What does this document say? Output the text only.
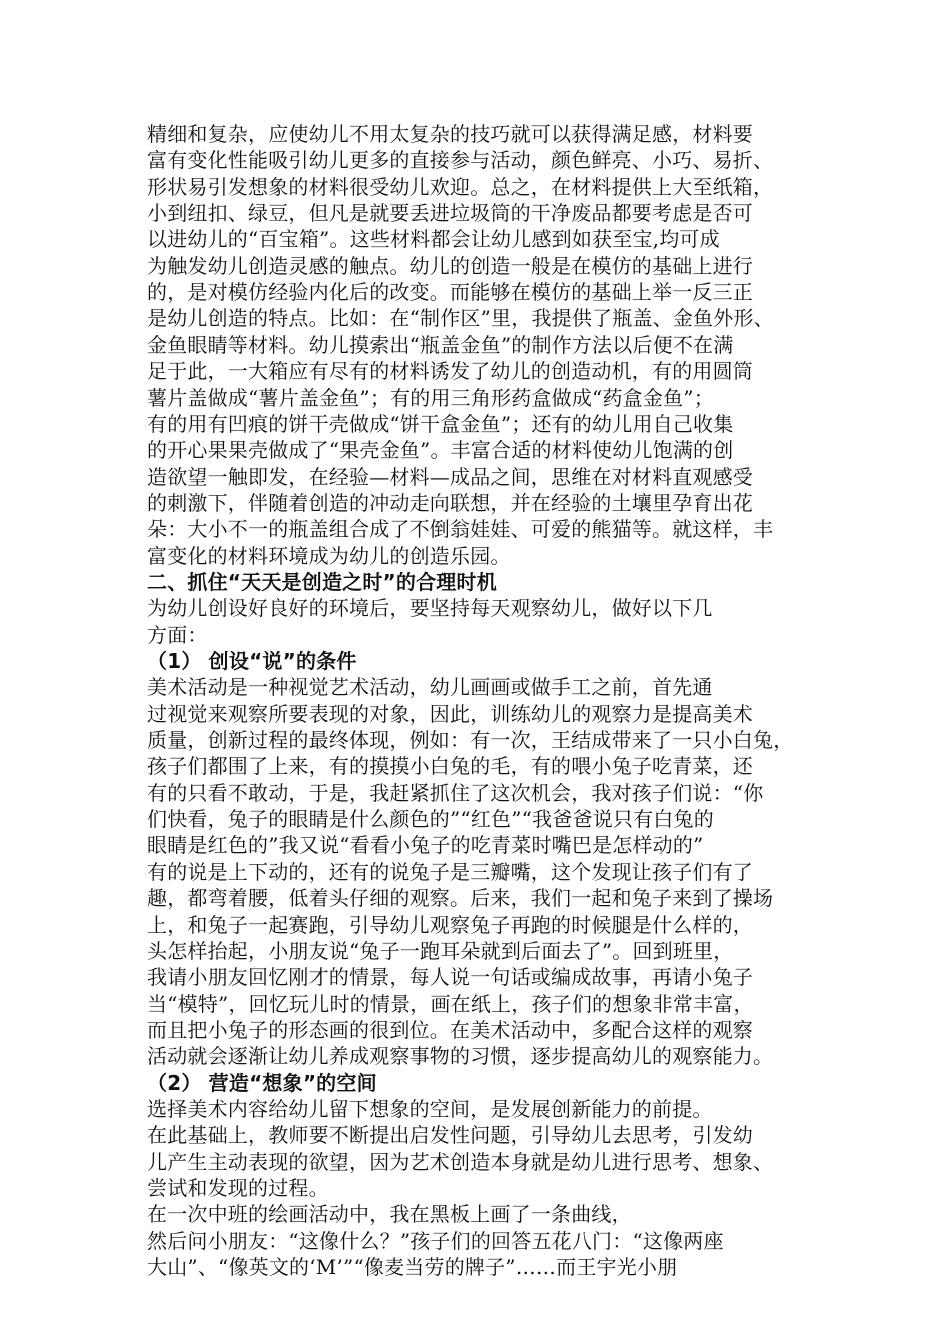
精细和复杂，应使幼儿不用太复杂的技巧就可以获得满足感，材料要
富有变化性能吸引幼儿更多的直接参与活动，颜色鲜亮、小巧、易折、
形状易引发想象的材料很受幼儿欢迎。总之，在材料提供上大至纸箱，
小到纽扣、绿豆，但凡是就要丢进垃圾筒的干净废品都要考虑是否可
以进幼儿的“百宝箱”。这些材料都会让幼儿感到如获至宝,均可成
为触发幼儿创造灵感的触点。幼儿的创造一般是在模仿的基础上进行
的，是对模仿经验内化后的改变。而能够在模仿的基础上举一反三正
是幼儿创造的特点。比如：在“制作区”里，我提供了瓶盖、金鱼外形、
金鱼眼睛等材料。幼儿摸索出“瓶盖金鱼”的制作方法以后便不在满
足于此，一大箱应有尽有的材料诱发了幼儿的创造动机，有的用圆筒
薯片盖做成“薯片盖金鱼”；有的用三角形药盒做成“药盒金鱼”；
有的用有凹痕的饼干壳做成“饼干盒金鱼”；还有的幼儿用自己收集
的开心果果壳做成了“果壳金鱼”。丰富合适的材料使幼儿饱满的创
造欲望一触即发，在经验—材料—成品之间，思维在对材料直观感受
的刺激下，伴随着创造的冲动走向联想，并在经验的土壤里孕育出花
朵：大小不一的瓶盖组合成了不倒翁娃娃、可爱的熊猫等。就这样，丰
富变化的材料环境成为幼儿的创造乐园。
二、抓住“天天是创造之时”的合理时机
为幼儿创设好良好的环境后，要坚持每天观察幼儿，做好以下几
方面：
（1） 创设“说”的条件
美术活动是一种视觉艺术活动，幼儿画画或做手工之前，首先通
过视觉来观察所要表现的对象，因此，训练幼儿的观察力是提高美术
质量，创新过程的最终体现，例如：有一次，王结成带来了一只小白兔，
孩子们都围了上来，有的摸摸小白兔的毛，有的喂小兔子吃青菜，还
有的只看不敢动，于是，我赶紧抓住了这次机会，我对孩子们说：“你
们快看，兔子的眼睛是什么颜色的”“红色”“我爸爸说只有白兔的
眼睛是红色的”我又说“看看小兔子的吃青菜时嘴巴是怎样动的”
有的说是上下动的，还有的说兔子是三瓣嘴，这个发现让孩子们有了
趣，都弯着腰，低着头仔细的观察。后来，我们一起和兔子来到了操场
上，和兔子一起赛跑，引导幼儿观察兔子再跑的时候腿是什么样的，
头怎样抬起，小朋友说“兔子一跑耳朵就到后面去了”。回到班里，
我请小朋友回忆刚才的情景，每人说一句话或编成故事，再请小兔子
当“模特”，回忆玩儿时的情景，画在纸上，孩子们的想象非常丰富，
而且把小兔子的形态画的很到位。在美术活动中，多配合这样的观察
活动就会逐渐让幼儿养成观察事物的习惯，逐步提高幼儿的观察能力。
（2） 营造“想象”的空间
选择美术内容给幼儿留下想象的空间，是发展创新能力的前提。
在此基础上，教师要不断提出启发性问题，引导幼儿去思考，引发幼
儿产生主动表现的欲望，因为艺术创造本身就是幼儿进行思考、想象、
尝试和发现的过程。
在一次中班的绘画活动中，我在黑板上画了一条曲线，
然后问小朋友：“这像什么？”孩子们的回答五花八门：“这像两座
大山”、“像英文的‘M’”“像麦当劳的牌子”……而王宇光小朋
